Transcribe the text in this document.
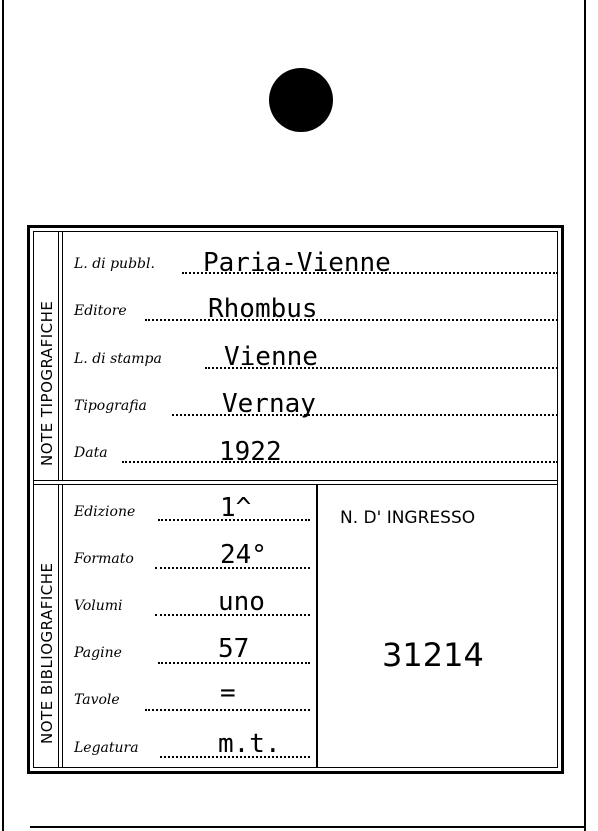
NOTE TIPOGRAFICHE
NOTE BIBLIOGRAFICHE
L. di pubbl. Paria-Vienne
Editore	Rhombus
L. di stampa Vienne
Tipografia	Vernay
Data	1922
Edizione	1^
Formato	24°
Volumi	uno
Pagine	57
Tavole	=
Legatura	m.t.
N. D' INGRESSO
31214
